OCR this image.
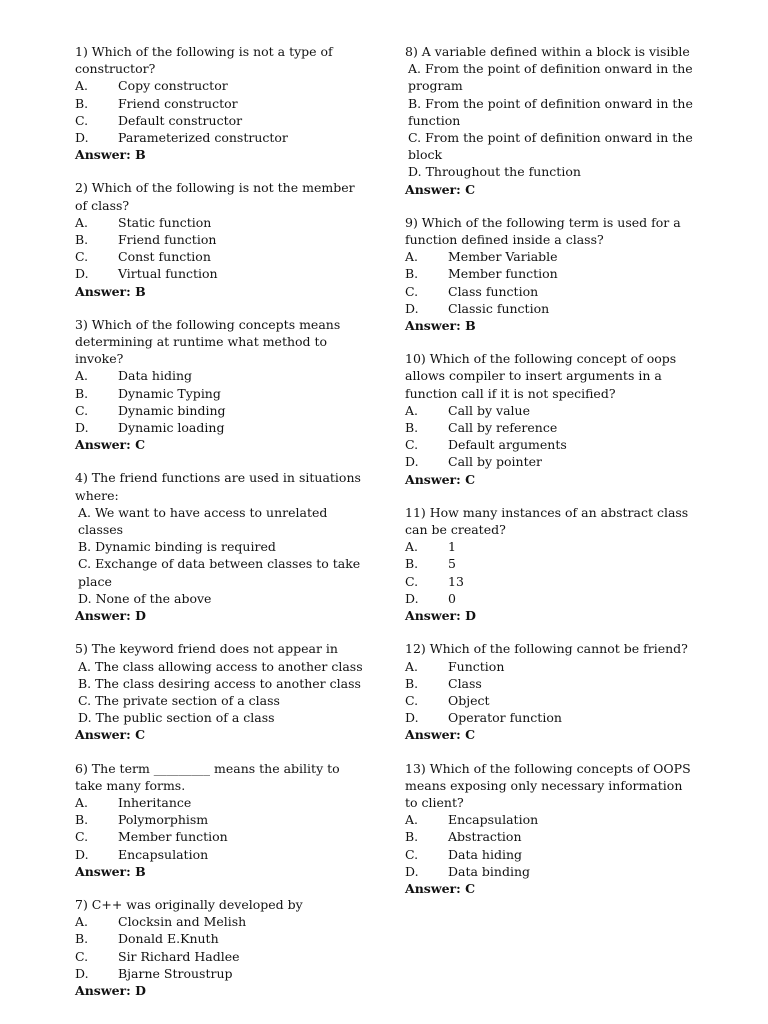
1) Which of the following is not a type of constructor?

A. Copy constructor

B. Friend constructor

C. Default constructor

D. Parameterized constructor

Answer: B

2) Which of the following is not the member of class?

A. Static function

B. Friend function

C. Const function

D. Virtual function

Answer: B

3) Which of the following concepts means determining at runtime what method to invoke?

A. Data hiding

B. Dynamic Typing

C. Dynamic binding

D. Dynamic loading

Answer: C

4) The friend functions are used in situations where:

A. We want to have access to unrelated classes

B. Dynamic binding is required

C. Exchange of data between classes to take place

D. None of the above

Answer: D

5) The keyword friend does not appear in

A. The class allowing access to another class

B. The class desiring access to another class

C. The private section of a class

D. The public section of a class

Answer: C

6) The term _________ means the ability to take many forms.

A. Inheritance

B. Polymorphism

C. Member function

D. Encapsulation

Answer: B

7) C++ was originally developed by

A. Clocksin and Melish

B. Donald E.Knuth

C. Sir Richard Hadlee

D. Bjarne Stroustrup

Answer: D

8) A variable defined within a block is visible

A. From the point of definition onward in the program

B. From the point of definition onward in the function

C. From the point of definition onward in the block

D. Throughout the function

Answer: C

9) Which of the following term is used for a function defined inside a class?

A. Member Variable

B. Member function

C. Class function

D. Classic function

Answer: B

10) Which of the following concept of oops allows compiler to insert arguments in a function call if it is not specified?

A. Call by value

B. Call by reference

C. Default arguments

D. Call by pointer

Answer: C

11) How many instances of an abstract class can be created?

A. 1

B. 5

C. 13

D. 0

Answer: D

12) Which of the following cannot be friend?

A. Function

B. Class

C. Object

D. Operator function

Answer: C

13) Which of the following concepts of OOPS means exposing only necessary information to client?

A. Encapsulation

B. Abstraction

C. Data hiding

D. Data binding

Answer: C
